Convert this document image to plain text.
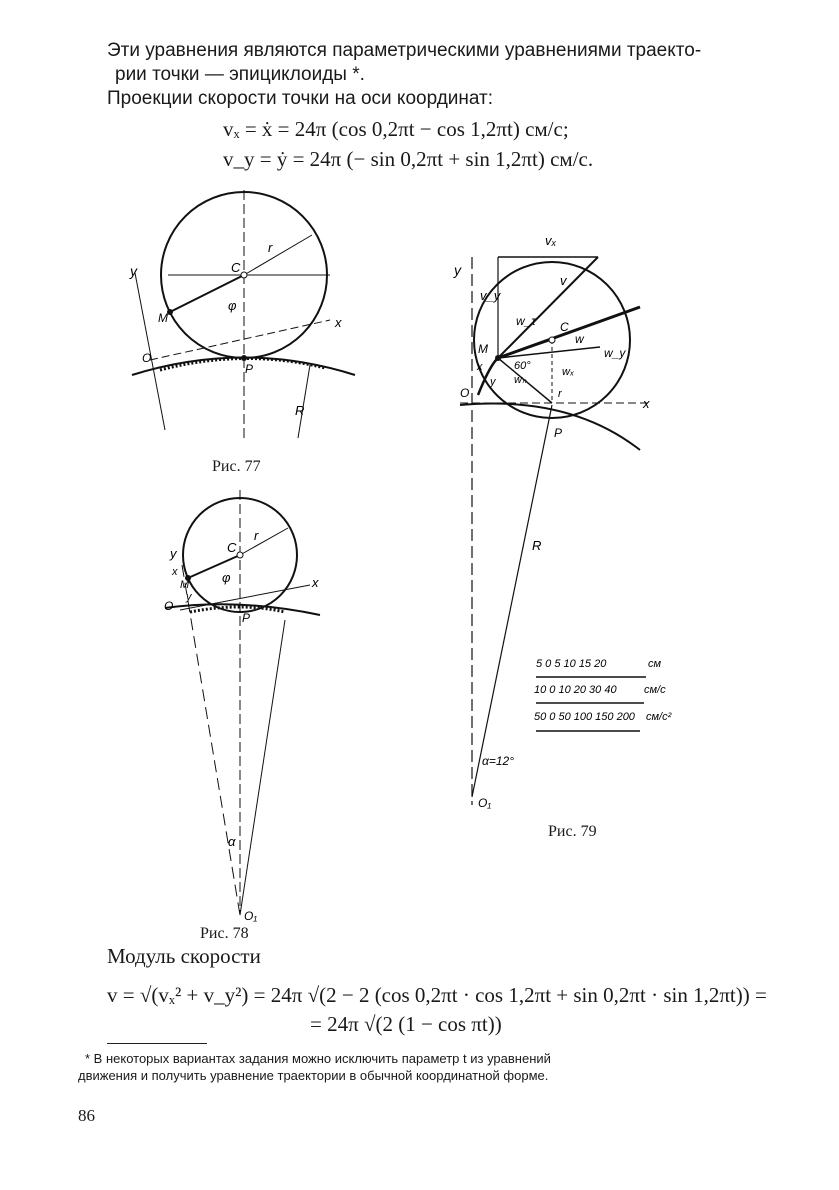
Эти уравнения являются параметрическими уравнениями траекто-
рии точки — эпициклоиды *.
Проекции скорости точки на оси координат:
vₓ = ẋ = 24π (cos 0,2πt − cos 1,2πt) см/с;
v_y = ẏ = 24π (− sin 0,2πt + sin 1,2πt) см/с.
y	C
r
M
φ
x
O
P
R
Рис. 77
y	C
r
x
M
y
φ	x
O
P
α
O₁
Рис. 78
y
vₓ
v_y
v
w_τ C
w
w_y
M
x
y
60°
wₙ
wₓ
O	r
x
P
R
α=12°
O₁
5 0 5 10 15 20	см
10 0 10 20 30 40 см/с
50 0 50 100 150 200 см/с²
Рис. 79
Модуль скорости
v = √(vₓ² + v_y²) = 24π √(2 − 2 (cos 0,2πt · cos 1,2πt + sin 0,2πt · sin 1,2πt)) =
= 24π √(2 (1 − cos πt))
* В некоторых вариантах задания можно исключить параметр t из уравнений
движения и получить уравнение траектории в обычной координатной форме.
86
